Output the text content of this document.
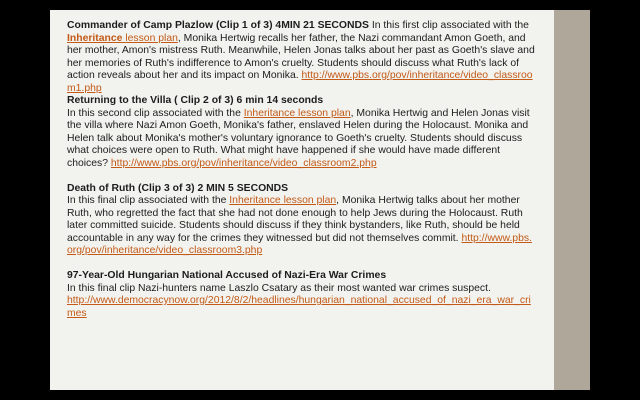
Commander of Camp Plazlow (Clip 1 of 3) 4MIN 21 SECONDS In this first clip associated with the Inheritance lesson plan, Monika Hertwig recalls her father, the Nazi commandant Amon Goeth, and her mother, Amon's mistress Ruth. Meanwhile, Helen Jonas talks about her past as Goeth's slave and her memories of Ruth's indifference to Amon's cruelty. Students should discuss what Ruth's lack of action reveals about her and its impact on Monika. http://www.pbs.org/pov/inheritance/video_classroom1.php

Returning to the Villa ( Clip 2 of 3) 6 min 14 seconds
In this second clip associated with the Inheritance lesson plan, Monika Hertwig and Helen Jonas visit the villa where Nazi Amon Goeth, Monika's father, enslaved Helen during the Holocaust. Monika and Helen talk about Monika's mother's voluntary ignorance to Goeth's cruelty. Students should discuss what choices were open to Ruth. What might have happened if she would have made different choices? http://www.pbs.org/pov/inheritance/video_classroom2.php

Death of Ruth (Clip 3 of 3) 2 MIN 5 SECONDS
In this final clip associated with the Inheritance lesson plan, Monika Hertwig talks about her mother Ruth, who regretted the fact that she had not done enough to help Jews during the Holocaust. Ruth later committed suicide. Students should discuss if they think bystanders, like Ruth, should be held accountable in any way for the crimes they witnessed but did not themselves commit. http://www.pbs.org/pov/inheritance/video_classroom3.php

97-Year-Old Hungarian National Accused of Nazi-Era War Crimes
In this final clip Nazi-hunters name Laszlo Csatary as their most wanted war crimes suspect.
http://www.democracynow.org/2012/8/2/headlines/hungarian_national_accused_of_nazi_era_war_crimes
